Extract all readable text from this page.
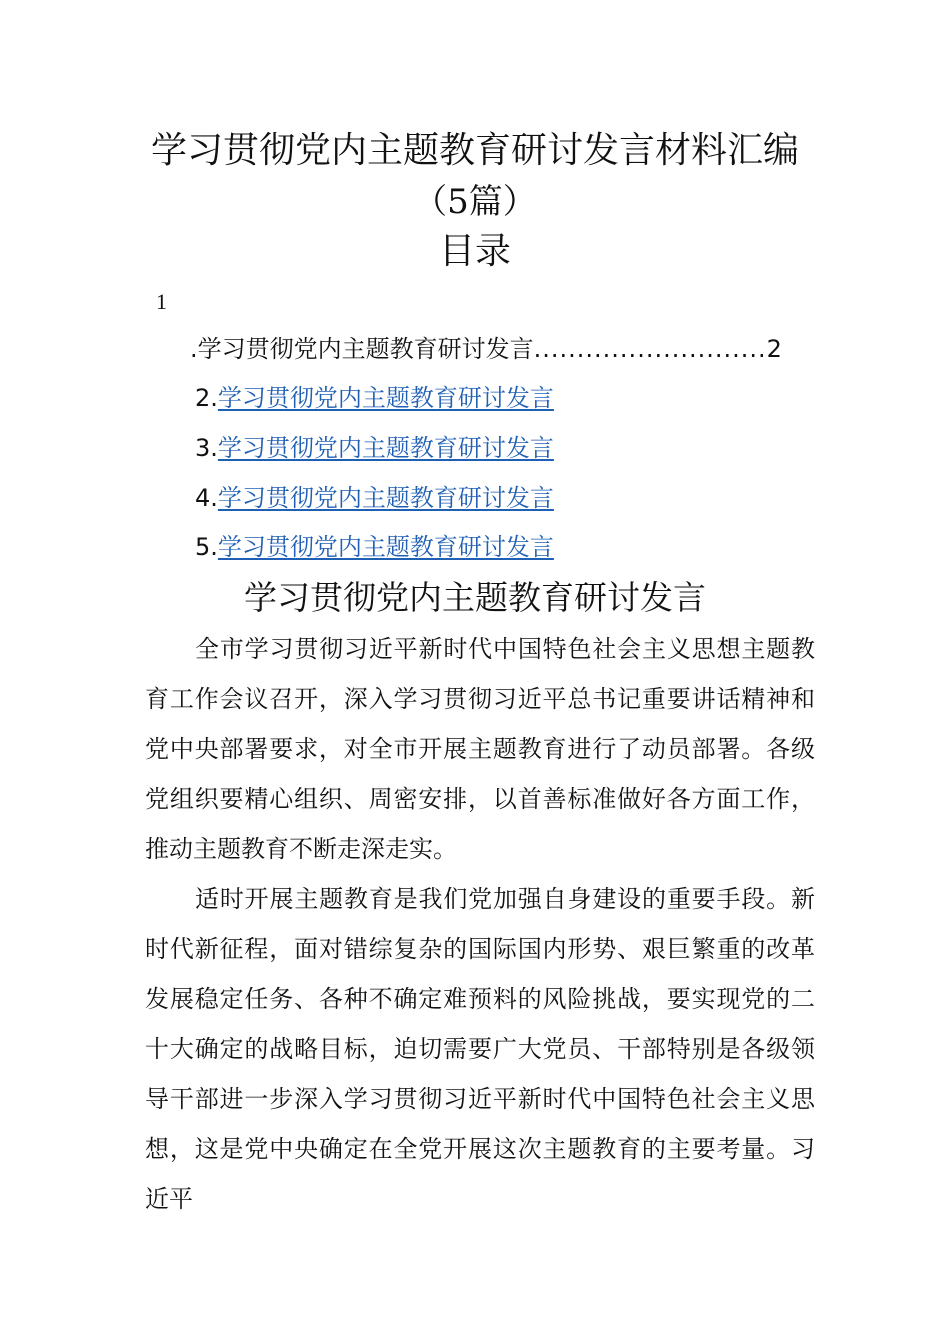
学习贯彻党内主题教育研讨发言材料汇编
（5篇）
目录
1
.学习贯彻党内主题教育研讨发言...........................2
2.学习贯彻党内主题教育研讨发言
3.学习贯彻党内主题教育研讨发言
4.学习贯彻党内主题教育研讨发言
5.学习贯彻党内主题教育研讨发言
学习贯彻党内主题教育研讨发言

全市学习贯彻习近平新时代中国特色社会主义思想主题教育工作会议召开，深入学习贯彻习近平总书记重要讲话精神和党中央部署要求，对全市开展主题教育进行了动员部署。各级党组织要精心组织、周密安排，以首善标准做好各方面工作，推动主题教育不断走深走实。

适时开展主题教育是我们党加强自身建设的重要手段。新时代新征程，面对错综复杂的国际国内形势、艰巨繁重的改革发展稳定任务、各种不确定难预料的风险挑战，要实现党的二十大确定的战略目标，迫切需要广大党员、干部特别是各级领导干部进一步深入学习贯彻习近平新时代中国特色社会主义思想，这是党中央确定在全党开展这次主题教育的主要考量。习近平
